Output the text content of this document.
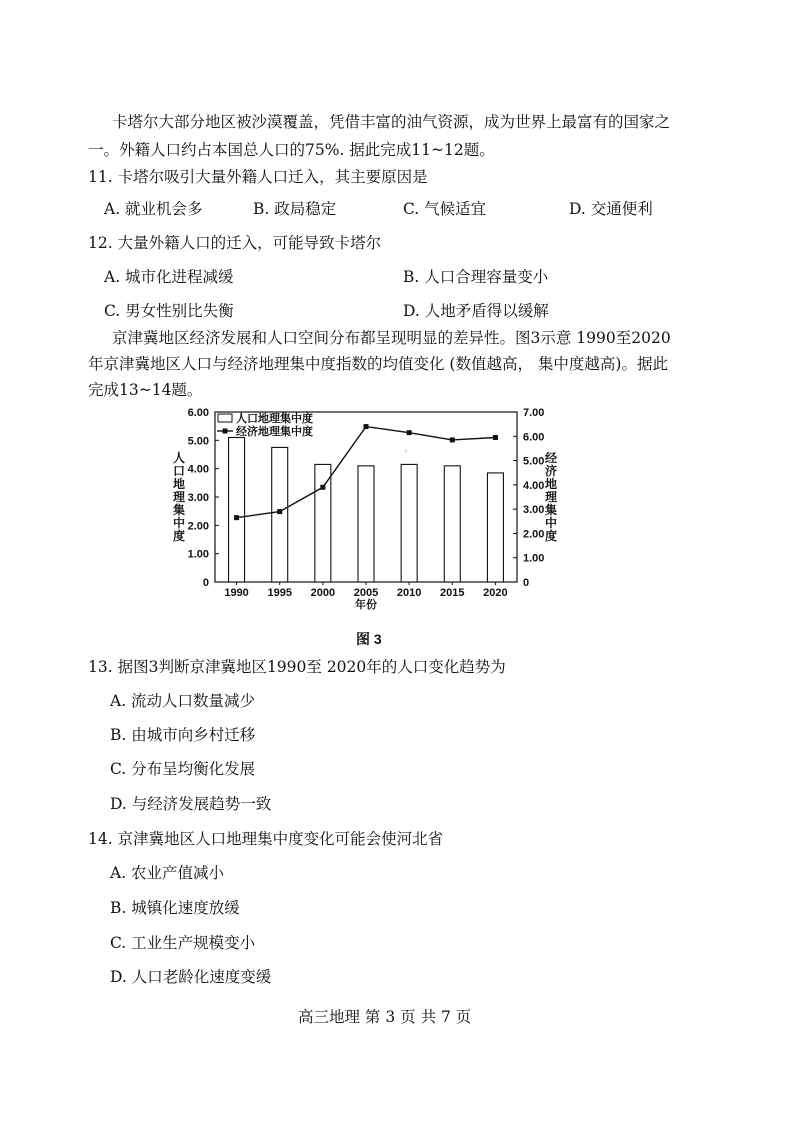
卡塔尔大部分地区被沙漠覆盖，凭借丰富的油气资源，成为世界上最富有的国家之
一。外籍人口约占本国总人口的75%. 据此完成11~12题。
11. 卡塔尔吸引大量外籍人口迁入，其主要原因是
A. 就业机会多	B. 政局稳定	C. 气候适宜	D. 交通便利
12. 大量外籍人口的迁入，可能导致卡塔尔
A. 城市化进程减缓	B. 人口合理容量变小
C. 男女性别比失衡	D. 人地矛盾得以缓解
京津冀地区经济发展和人口空间分布都呈现明显的差异性。图3示意 1990至2020
年京津冀地区人口与经济地理集中度指数的均值变化 (数值越高， 集中度越高)。据此
完成13~14题。
0
1.00
2.00
3.00
4.00
5.00
6.00
0
1.00
2.00
3.00
4.00
5.00
6.00
7.00
1990 1995 2000 2005 2010 2015 2020
年份
人口地理集中度
经济地理集中度
人口地理集中度
经济地理集中度
ⁱ
图 3
13. 据图3判断京津冀地区1990至 2020年的人口变化趋势为
A. 流动人口数量减少
B. 由城市向乡村迁移
C. 分布呈均衡化发展
D. 与经济发展趋势一致
14. 京津冀地区人口地理集中度变化可能会使河北省
A. 农业产值减小
B. 城镇化速度放缓
C. 工业生产规模变小
D. 人口老龄化速度变缓
高三地理 第 3 页 共 7 页
